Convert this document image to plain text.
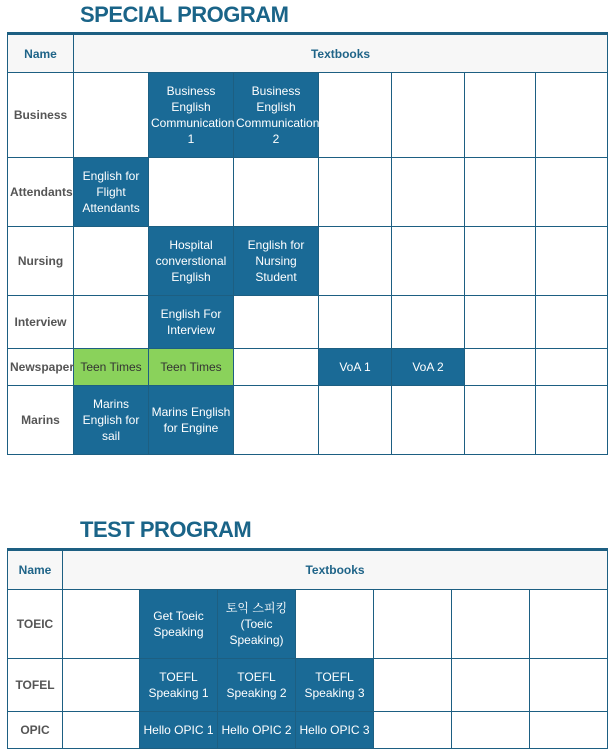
SPECIAL PROGRAM
Name	Textbooks						
Business		Business English Communication 1	Business English Communication 2				
Attendants	English for Flight Attendants						
Nursing		Hospital converstional English	English for Nursing Student				
Interview		English For Interview					
Newspaper	Teen Times	Teen Times		VoA 1	VoA 2		
Marins	Marins English for sail	Marins English for Engine					
TEST PROGRAM
Name	Textbooks						
TOEIC		Get Toeic Speaking	토익 스피킹 (Toeic Speaking)				
TOFEL		TOEFL Speaking 1	TOEFL Speaking 2	TOEFL Speaking 3			
OPIC		Hello OPIC 1	Hello OPIC 2	Hello OPIC 3			
